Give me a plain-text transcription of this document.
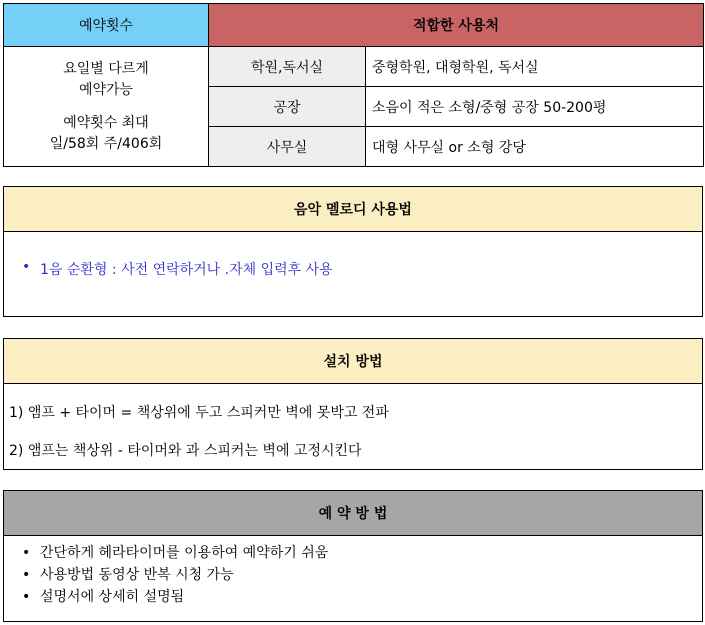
예약횟수	적합한 사용처	

요일별 다르게
예약가능

예약횟수 최대
일/58회 주/406회	학원,독서실	중형학원, 대형학원, 독서실
	공장	소음이 적은 소형/중형 공장 50-200평
	사무실	대형 사무실 or 소형 강당
음악 멜로디 사용법
• 1음 순환형 : 사전 연락하거나 .자체 입력후 사용
설치 방법

1) 앰프 + 타이머 = 책상위에 두고 스피커만 벽에 못박고 전파

2) 앰프는 책상위 - 타이머와 과 스피커는 벽에 고정시킨다

예 약 방 법
• 간단하게 헤라타이머를 이용하여 예약하기 쉬움
• 사용방법 동영상 반복 시청 가능
• 설명서에 상세히 설명됨
